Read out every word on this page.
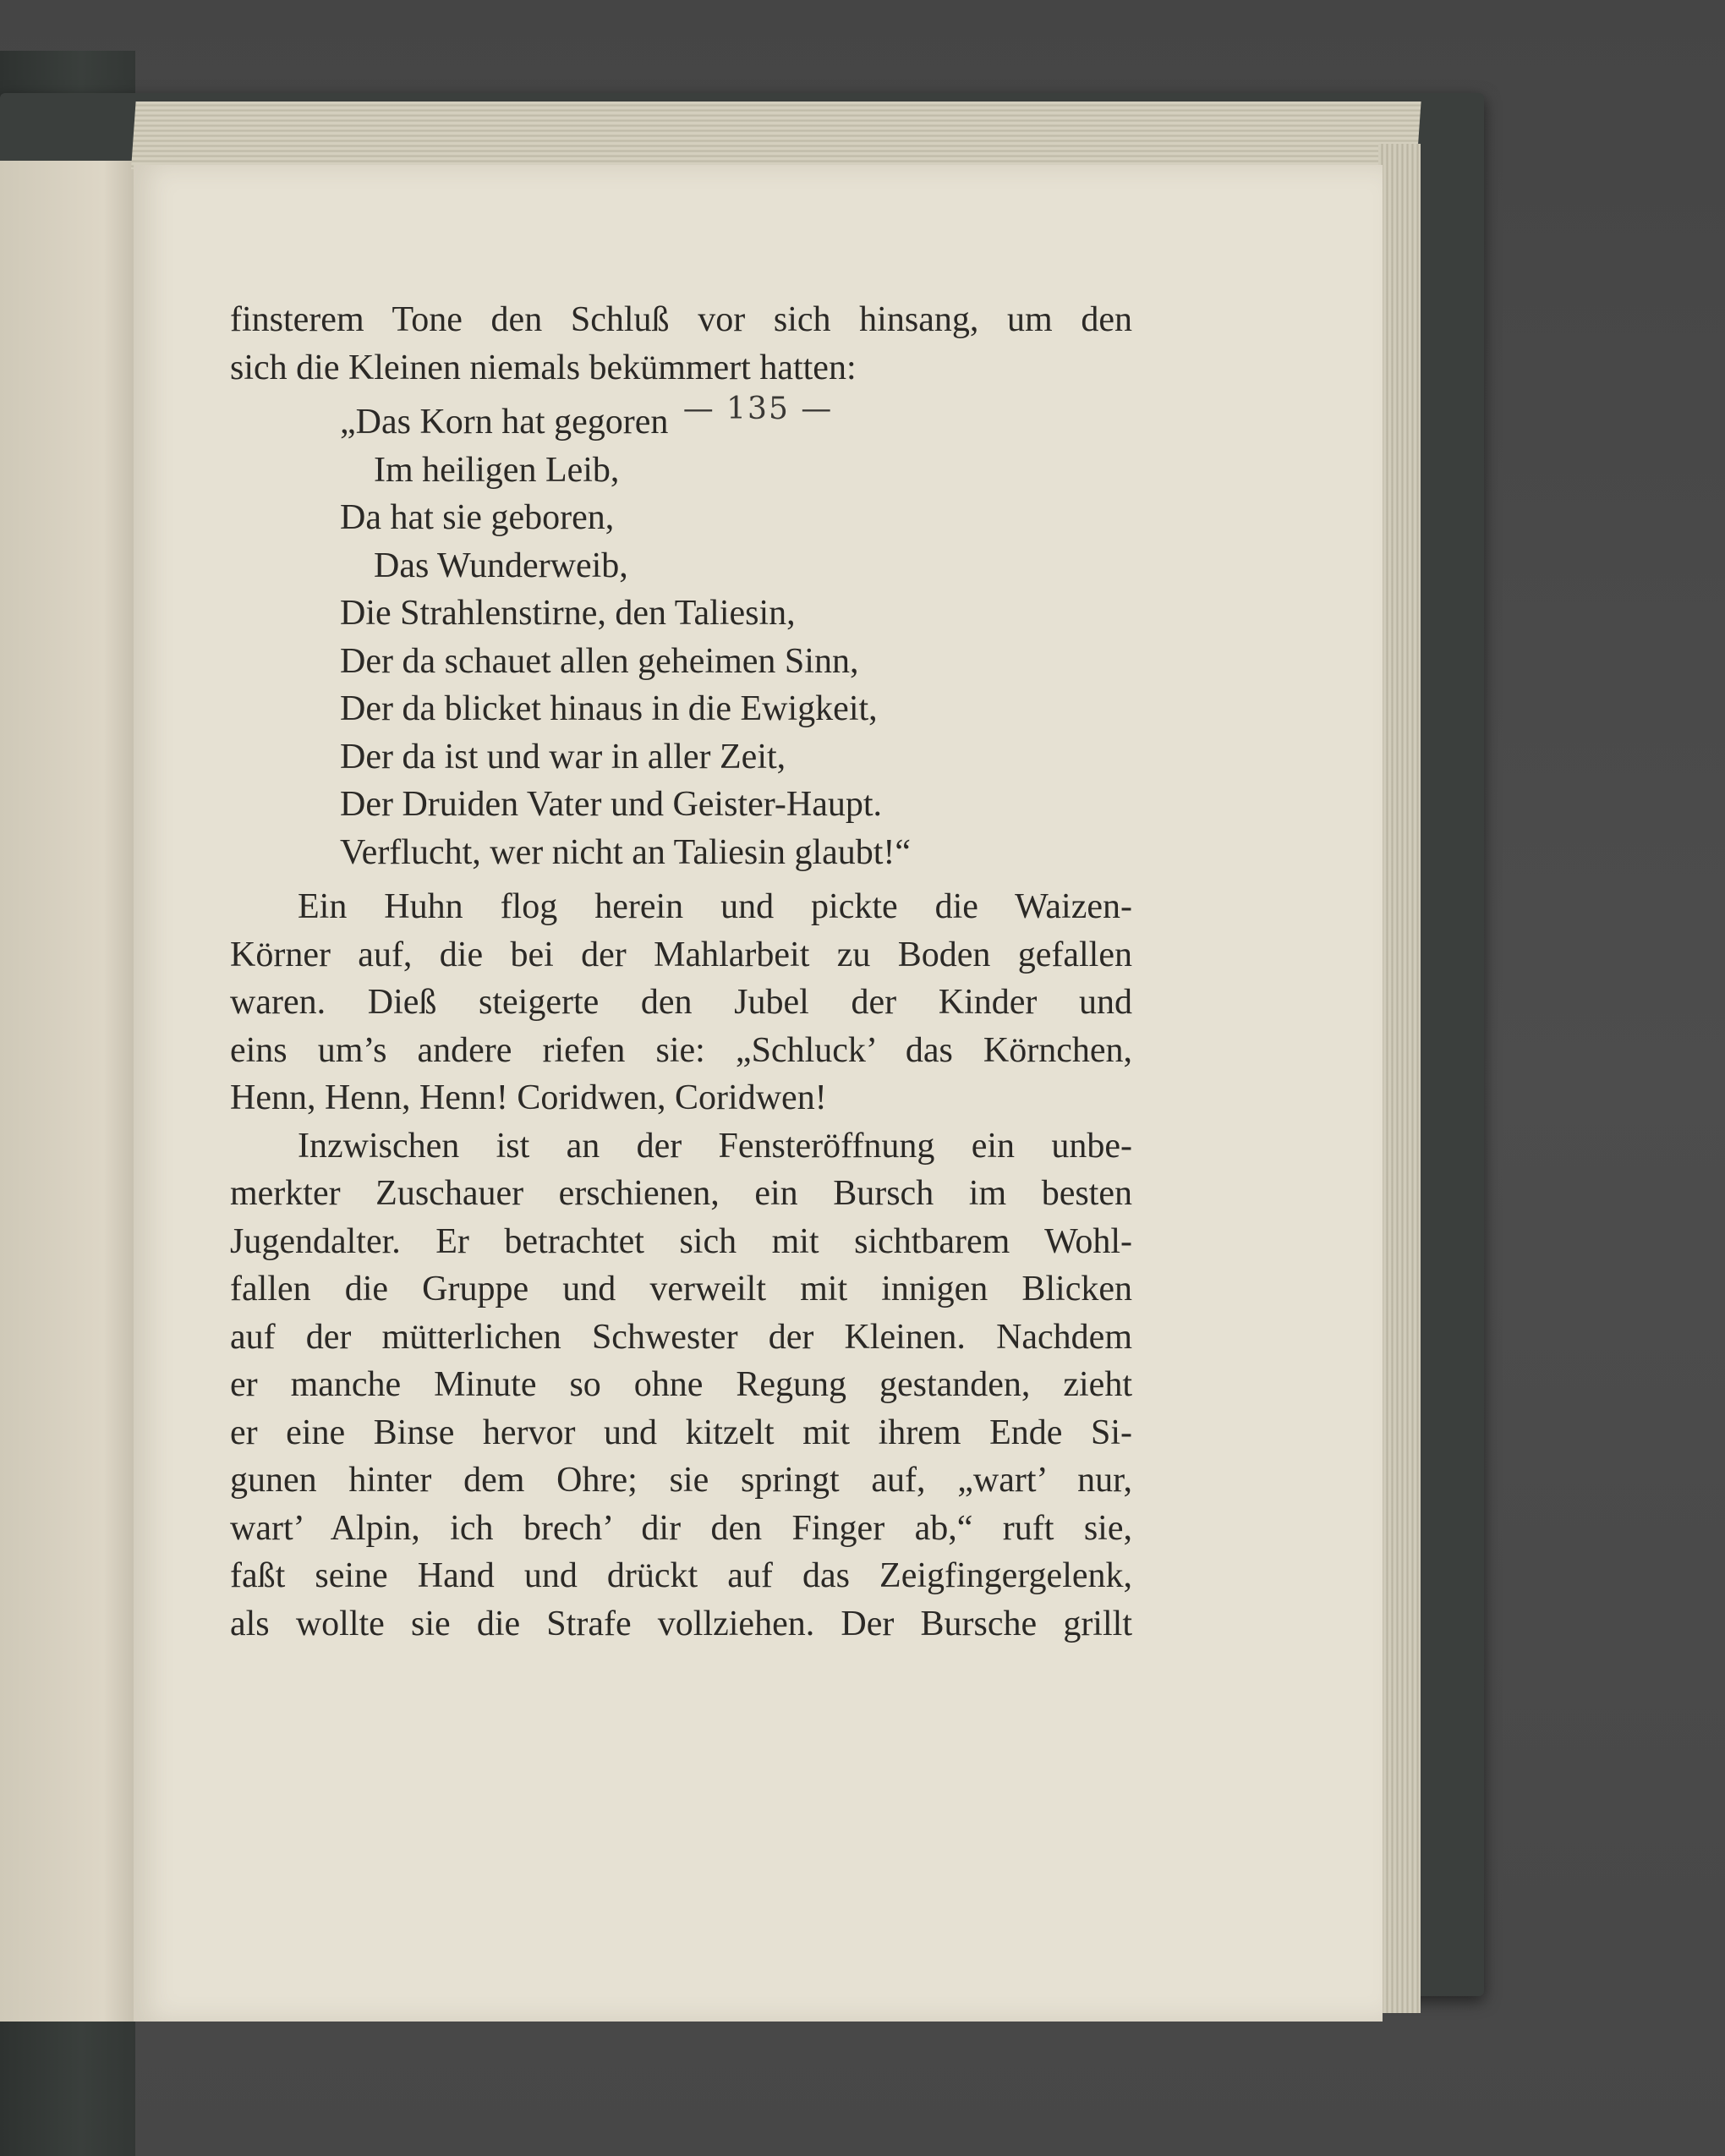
— 135 —
finsterem Tone den Schluß vor sich hinsang, um den
sich die Kleinen niemals bekümmert hatten:
„Das Korn hat gegoren
Im heiligen Leib,
Da hat sie geboren,
Das Wunderweib,
Die Strahlenstirne, den Taliesin,
Der da schauet allen geheimen Sinn,
Der da blicket hinaus in die Ewigkeit,
Der da ist und war in aller Zeit,
Der Druiden Vater und Geister-Haupt.
Verflucht, wer nicht an Taliesin glaubt!“
Ein Huhn flog herein und pickte die Waizen-
Körner auf, die bei der Mahlarbeit zu Boden gefallen
waren. Dieß steigerte den Jubel der Kinder und
eins um’s andere riefen sie: „Schluck’ das Körnchen,
Henn, Henn, Henn! Coridwen, Coridwen!
Inzwischen ist an der Fensteröffnung ein unbe-
merkter Zuschauer erschienen, ein Bursch im besten
Jugendalter. Er betrachtet sich mit sichtbarem Wohl-
fallen die Gruppe und verweilt mit innigen Blicken
auf der mütterlichen Schwester der Kleinen. Nachdem
er manche Minute so ohne Regung gestanden, zieht
er eine Binse hervor und kitzelt mit ihrem Ende Si-
gunen hinter dem Ohre; sie springt auf, „wart’ nur,
wart’ Alpin, ich brech’ dir den Finger ab,“ ruft sie,
faßt seine Hand und drückt auf das Zeigfingergelenk,
als wollte sie die Strafe vollziehen. Der Bursche grillt
